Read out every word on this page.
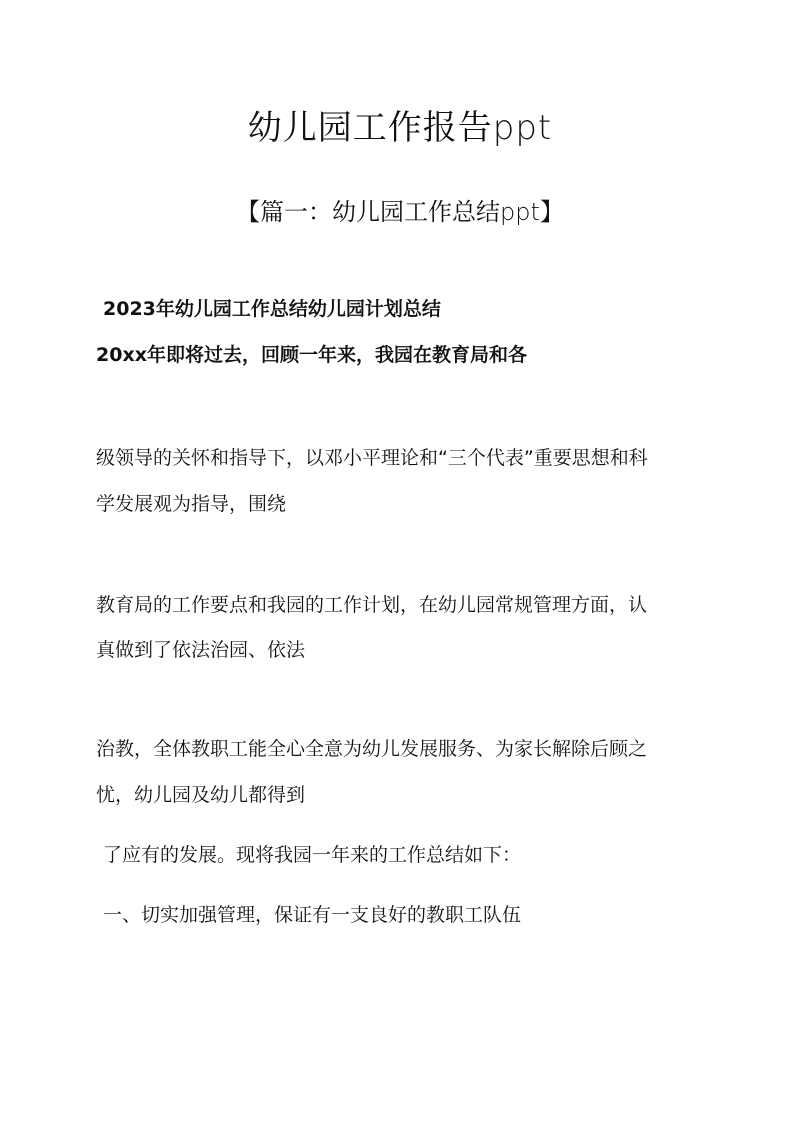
幼儿园工作报告ppt
【篇一：幼儿园工作总结ppt】
2023年幼儿园工作总结幼儿园计划总结
20xx年即将过去，回顾一年来，我园在教育局和各
级领导的关怀和指导下，以邓小平理论和“三个代表”重要思想和科
学发展观为指导，围绕
教育局的工作要点和我园的工作计划，在幼儿园常规管理方面，认
真做到了依法治园、依法
治教，全体教职工能全心全意为幼儿发展服务、为家长解除后顾之
忧，幼儿园及幼儿都得到
了应有的发展。现将我园一年来的工作总结如下：
一、切实加强管理，保证有一支良好的教职工队伍
